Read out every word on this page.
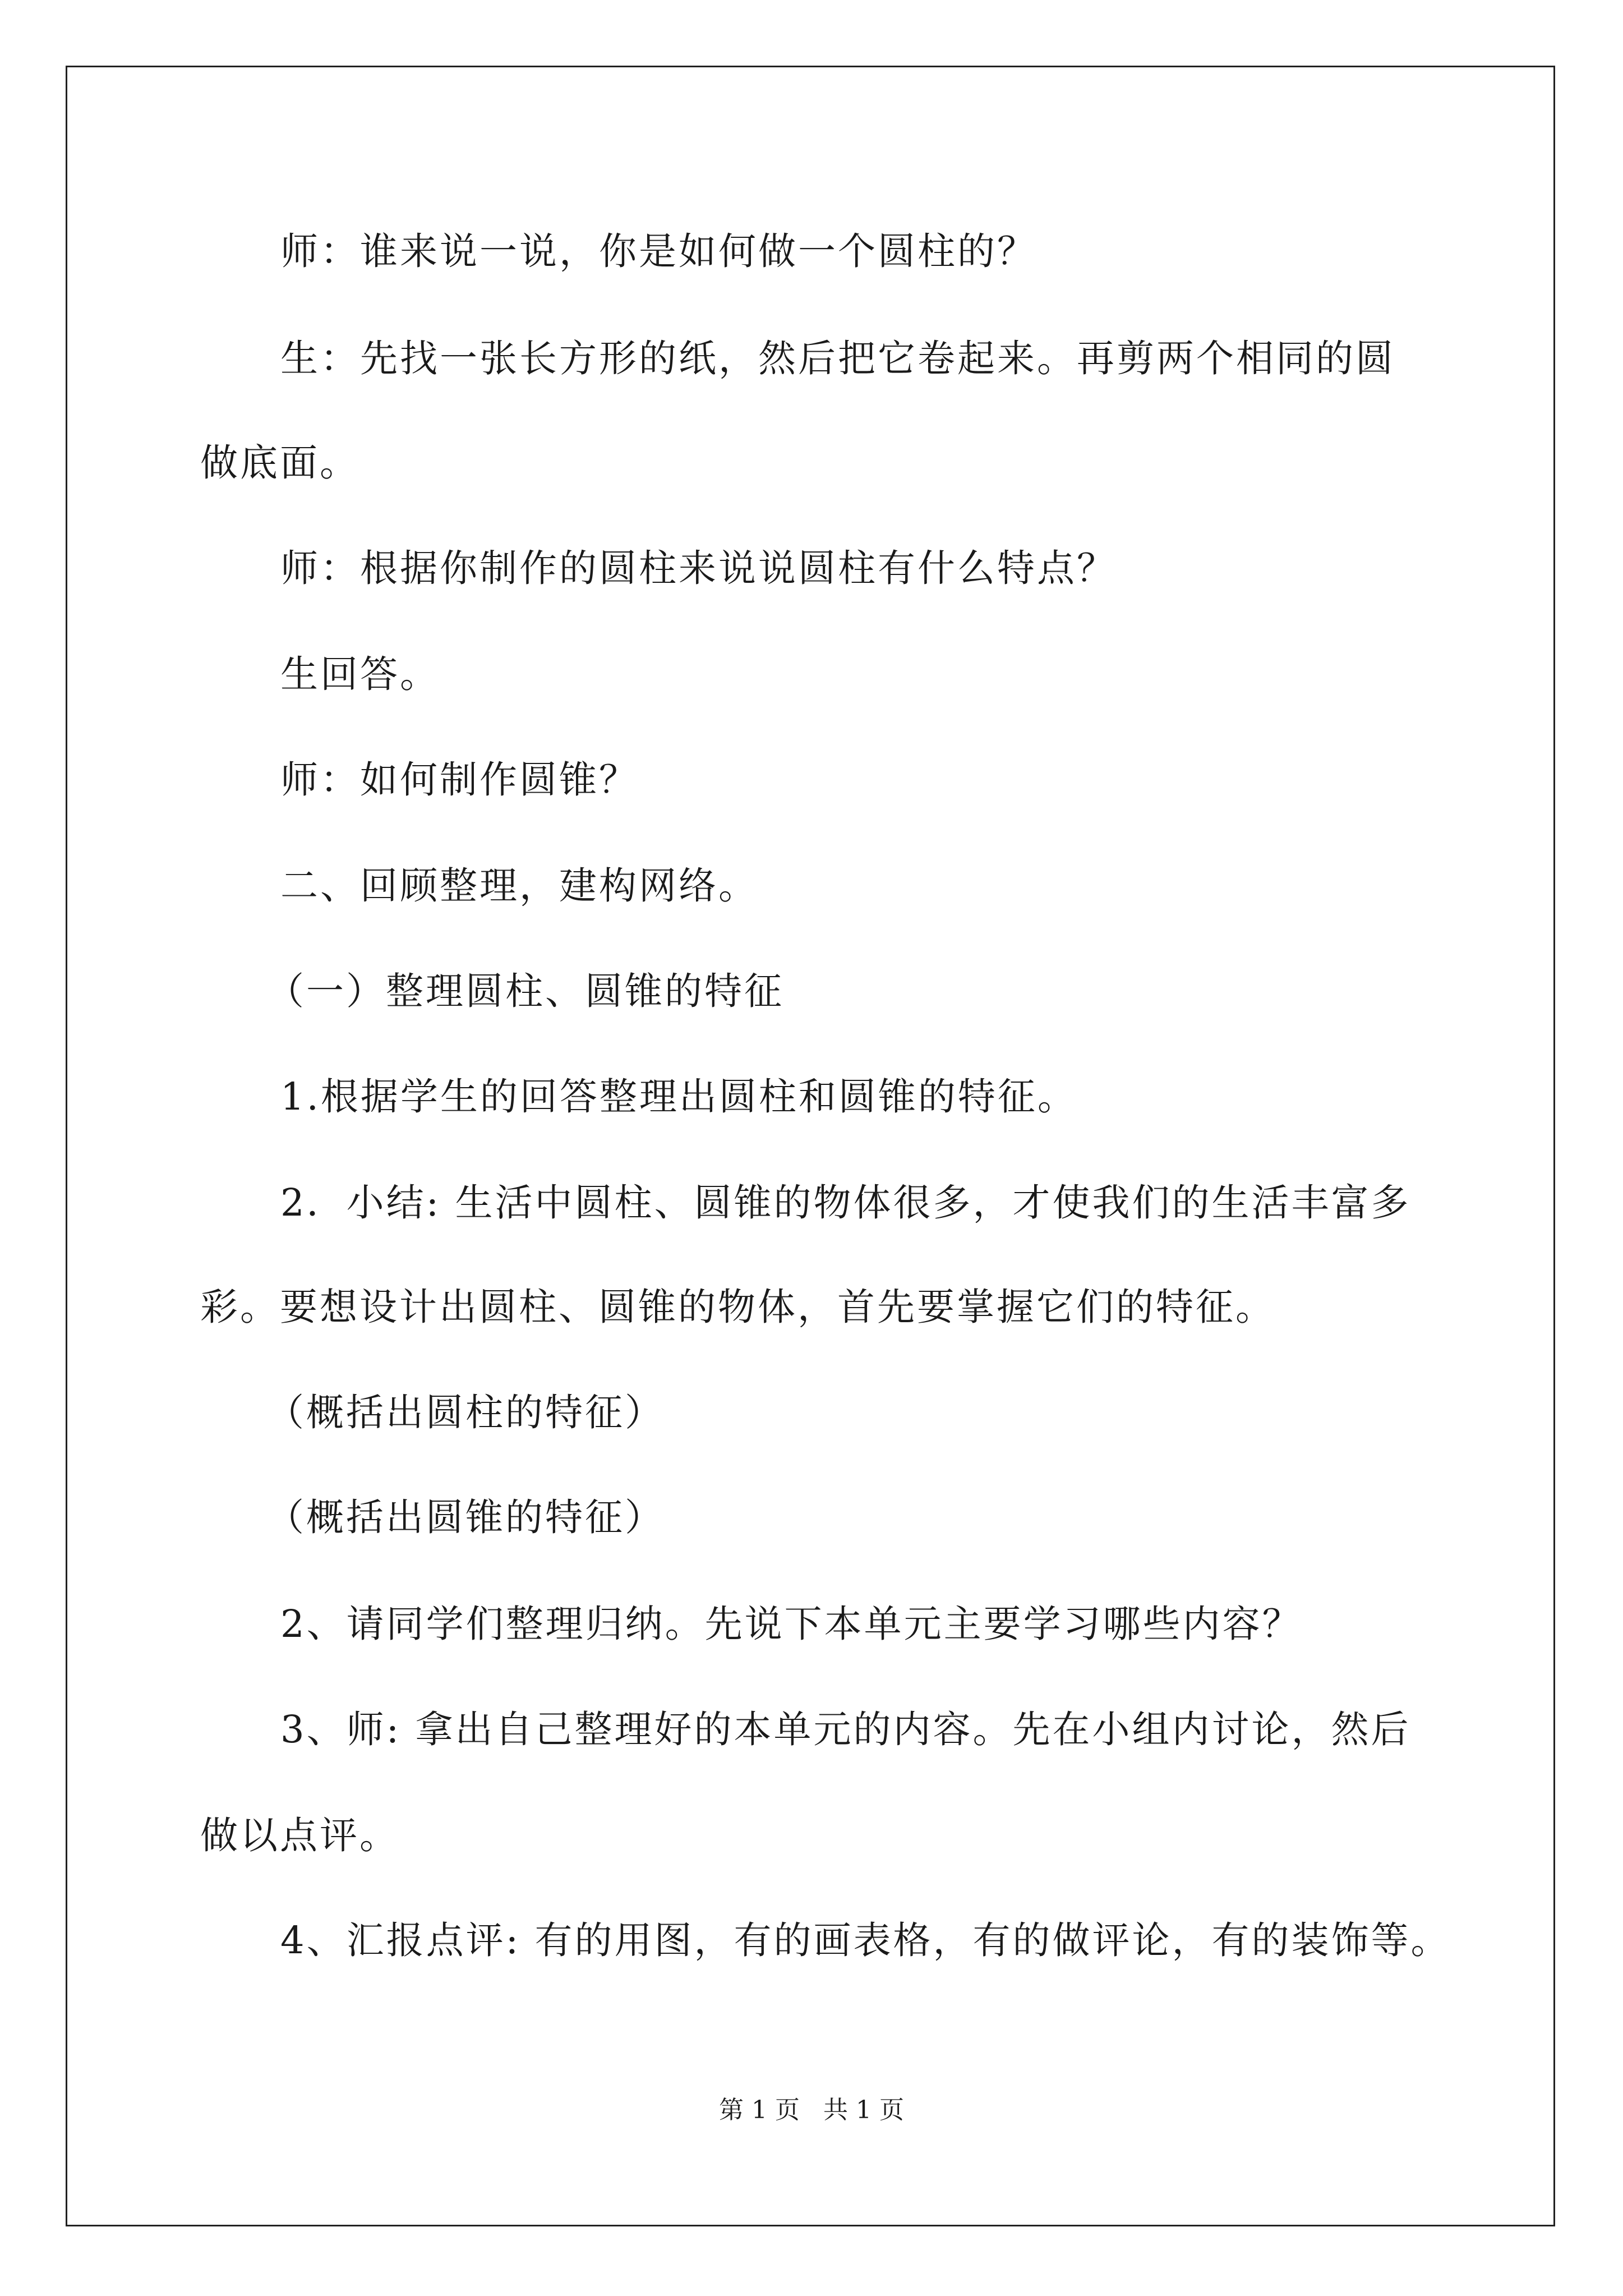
师：谁来说一说，你是如何做一个圆柱的？
生：先找一张长方形的纸，然后把它卷起来。再剪两个相同的圆
做底面。
师：根据你制作的圆柱来说说圆柱有什么特点？
生回答。
师：如何制作圆锥？
二、回顾整理，建构网络。
（一）整理圆柱、圆锥的特征
1.根据学生的回答整理出圆柱和圆锥的特征。
2．小结: 生活中圆柱、圆锥的物体很多，才使我们的生活丰富多
彩。要想设计出圆柱、圆锥的物体，首先要掌握它们的特征。
（概括出圆柱的特征）
（概括出圆锥的特征）
2、请同学们整理归纳。先说下本单元主要学习哪些内容？
3、师: 拿出自己整理好的本单元的内容。先在小组内讨论，然后
做以点评。
4、汇报点评: 有的用图，有的画表格，有的做评论，有的装饰等。
第 1 页   共 1 页
